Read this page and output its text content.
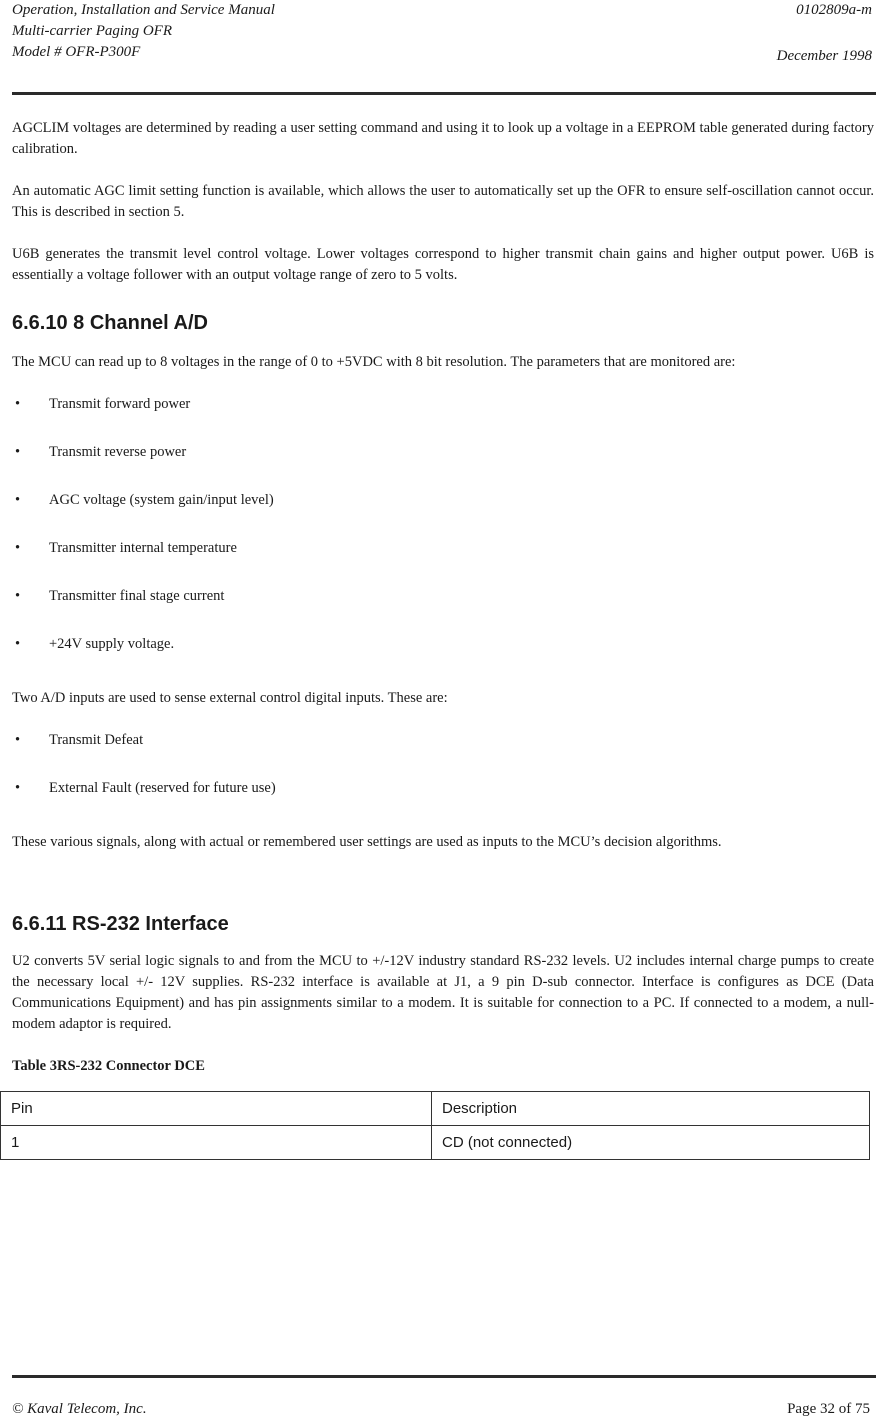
Operation, Installation and Service Manual
Multi-carrier Paging OFR
Model # OFR-P300F
0102809a-m
December 1998

AGCLIM voltages are determined by reading a user setting command and using it to look up a voltage in a EEPROM table generated during factory calibration.

An automatic AGC limit setting function is available, which allows the user to automatically set up the OFR to ensure self-oscillation cannot occur. This is described in section 5.

U6B generates the transmit level control voltage. Lower voltages correspond to higher transmit chain gains and higher output power. U6B is essentially a voltage follower with an output voltage range of zero to 5 volts.

6.6.10 8 Channel A/D

The MCU can read up to 8 voltages in the range of 0 to +5VDC with 8 bit resolution. The parameters that are monitored are:

• Transmit forward power
• Transmit reverse power
• AGC voltage (system gain/input level)
• Transmitter internal temperature
• Transmitter final stage current
• +24V supply voltage.

Two A/D inputs are used to sense external control digital inputs. These are:

• Transmit Defeat
• External Fault (reserved for future use)

These various signals, along with actual or remembered user settings are used as inputs to the MCU’s decision algorithms.

6.6.11 RS-232 Interface

U2 converts 5V serial logic signals to and from the MCU to +/-12V industry standard RS-232 levels. U2 includes internal charge pumps to create the necessary local +/- 12V supplies. RS-232 interface is available at J1, a 9 pin D-sub connector. Interface is configures as DCE (Data Communications Equipment) and has pin assignments similar to a modem. It is suitable for connection to a PC. If connected to a modem, a null-modem adaptor is required.

Table 3RS-232 Connector DCE
Pin	Description
1	CD (not connected)
© Kaval Telecom, Inc.	Page 32 of 75
